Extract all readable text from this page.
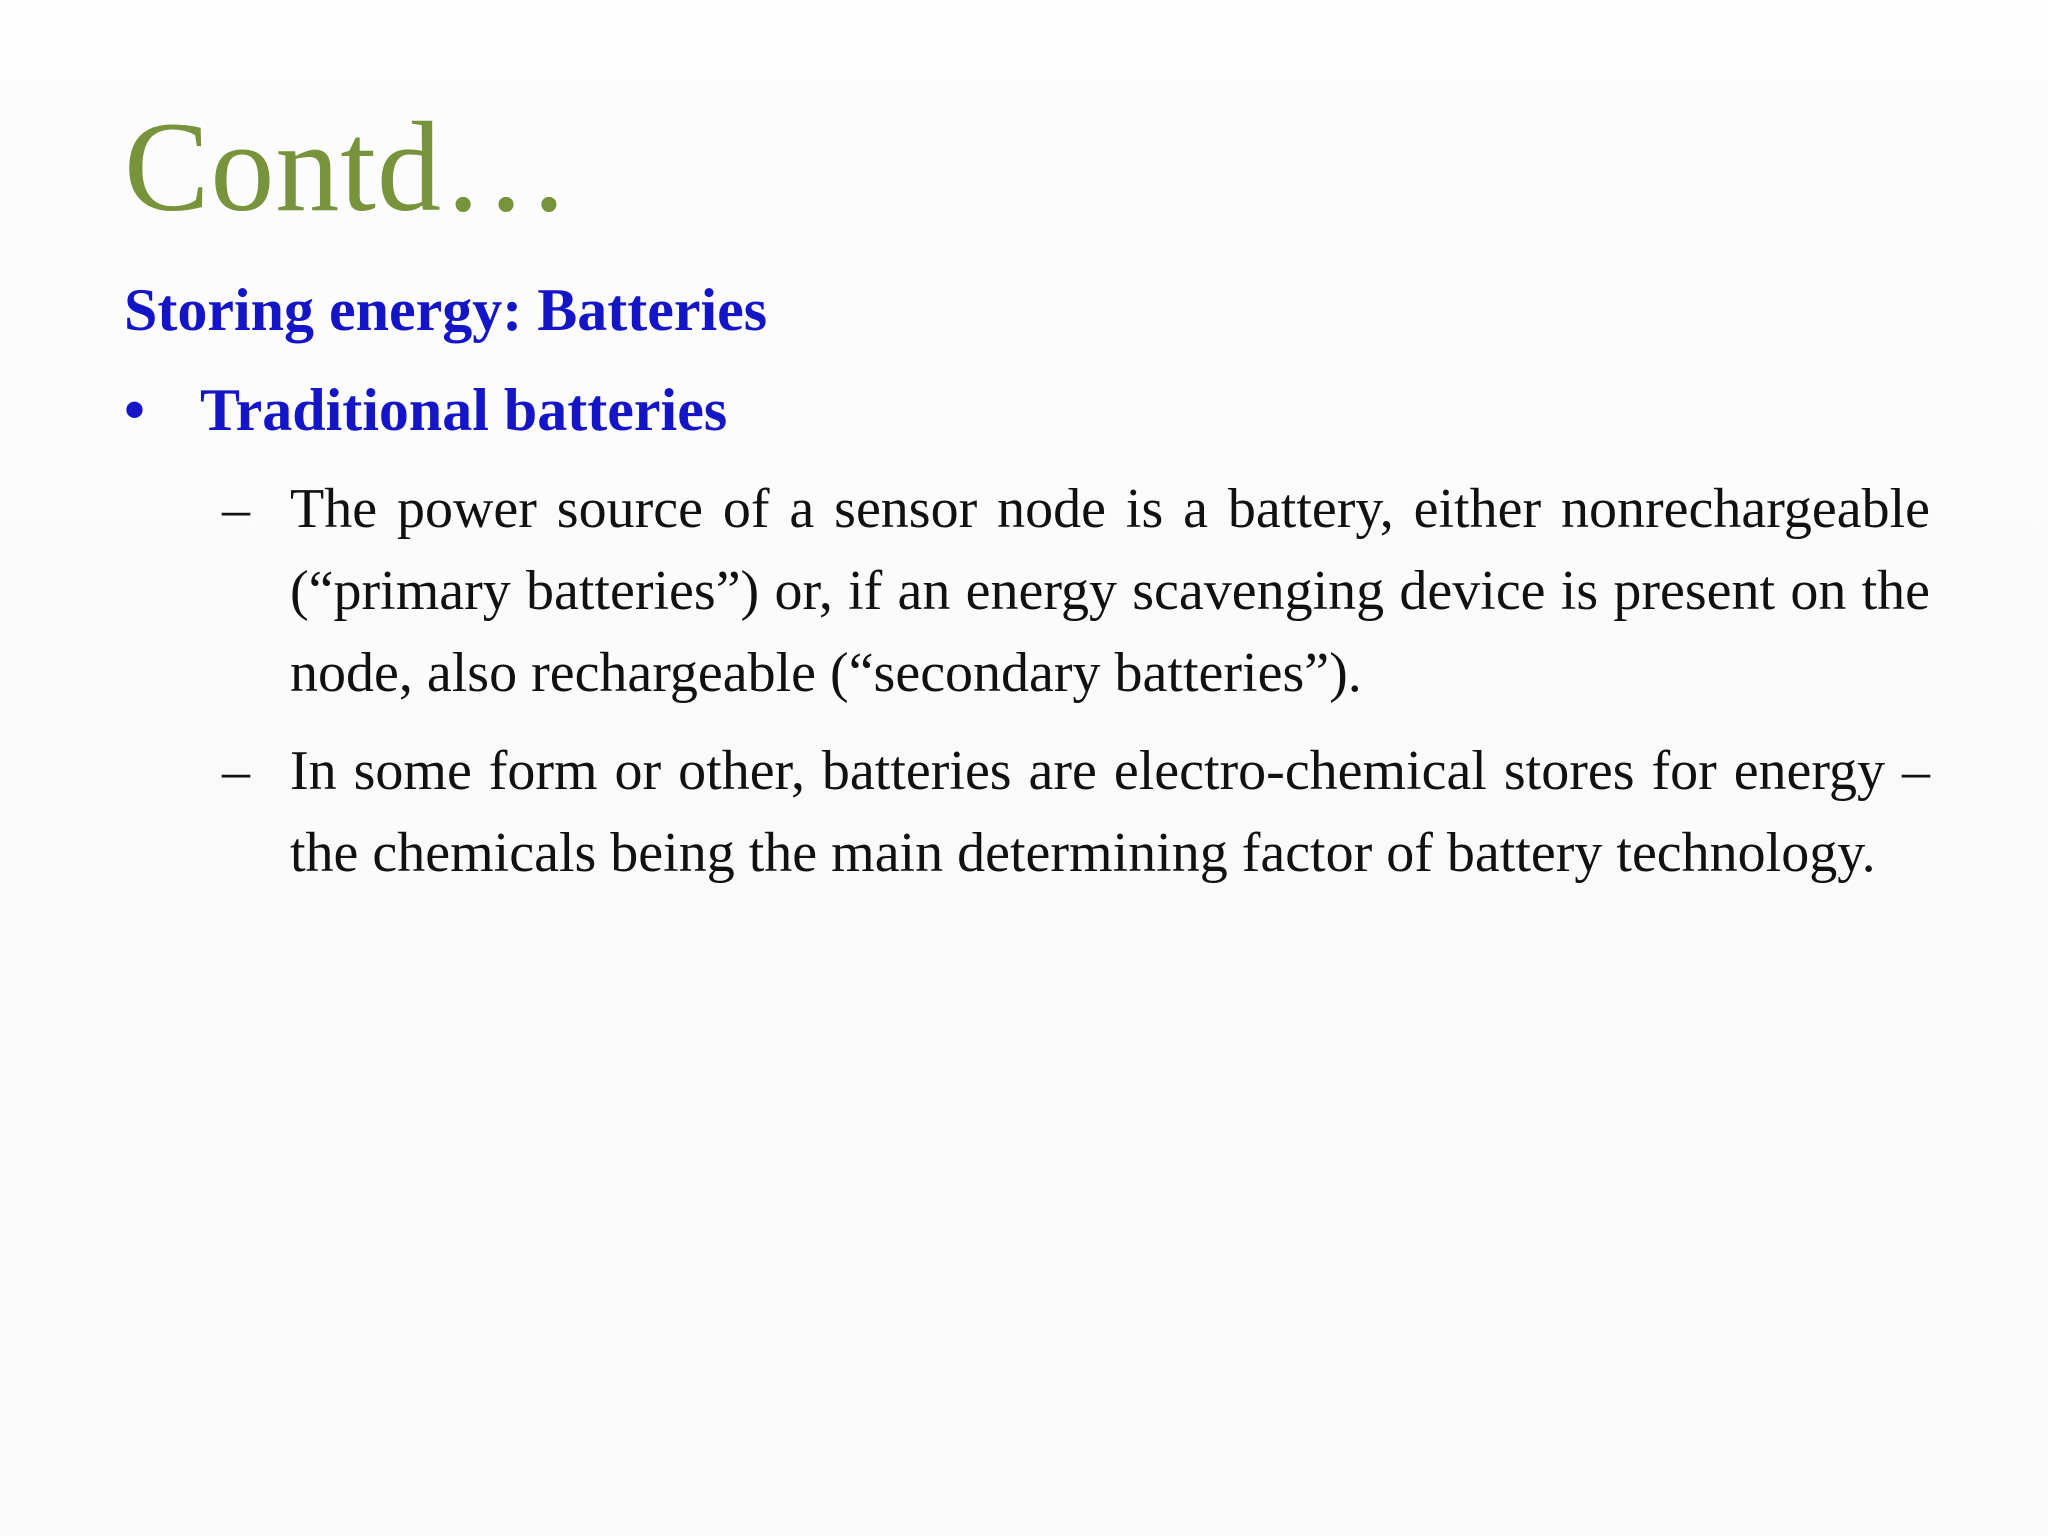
Contd…
Storing energy: Batteries
• Traditional batteries
– The power source of a sensor node is a battery, either nonrechargeable (“primary batteries”) or, if an energy scavenging device is present on the node, also rechargeable (“secondary batteries”).
– In some form or other, batteries are electro-chemical stores for energy – the chemicals being the main determining factor of battery technology.
